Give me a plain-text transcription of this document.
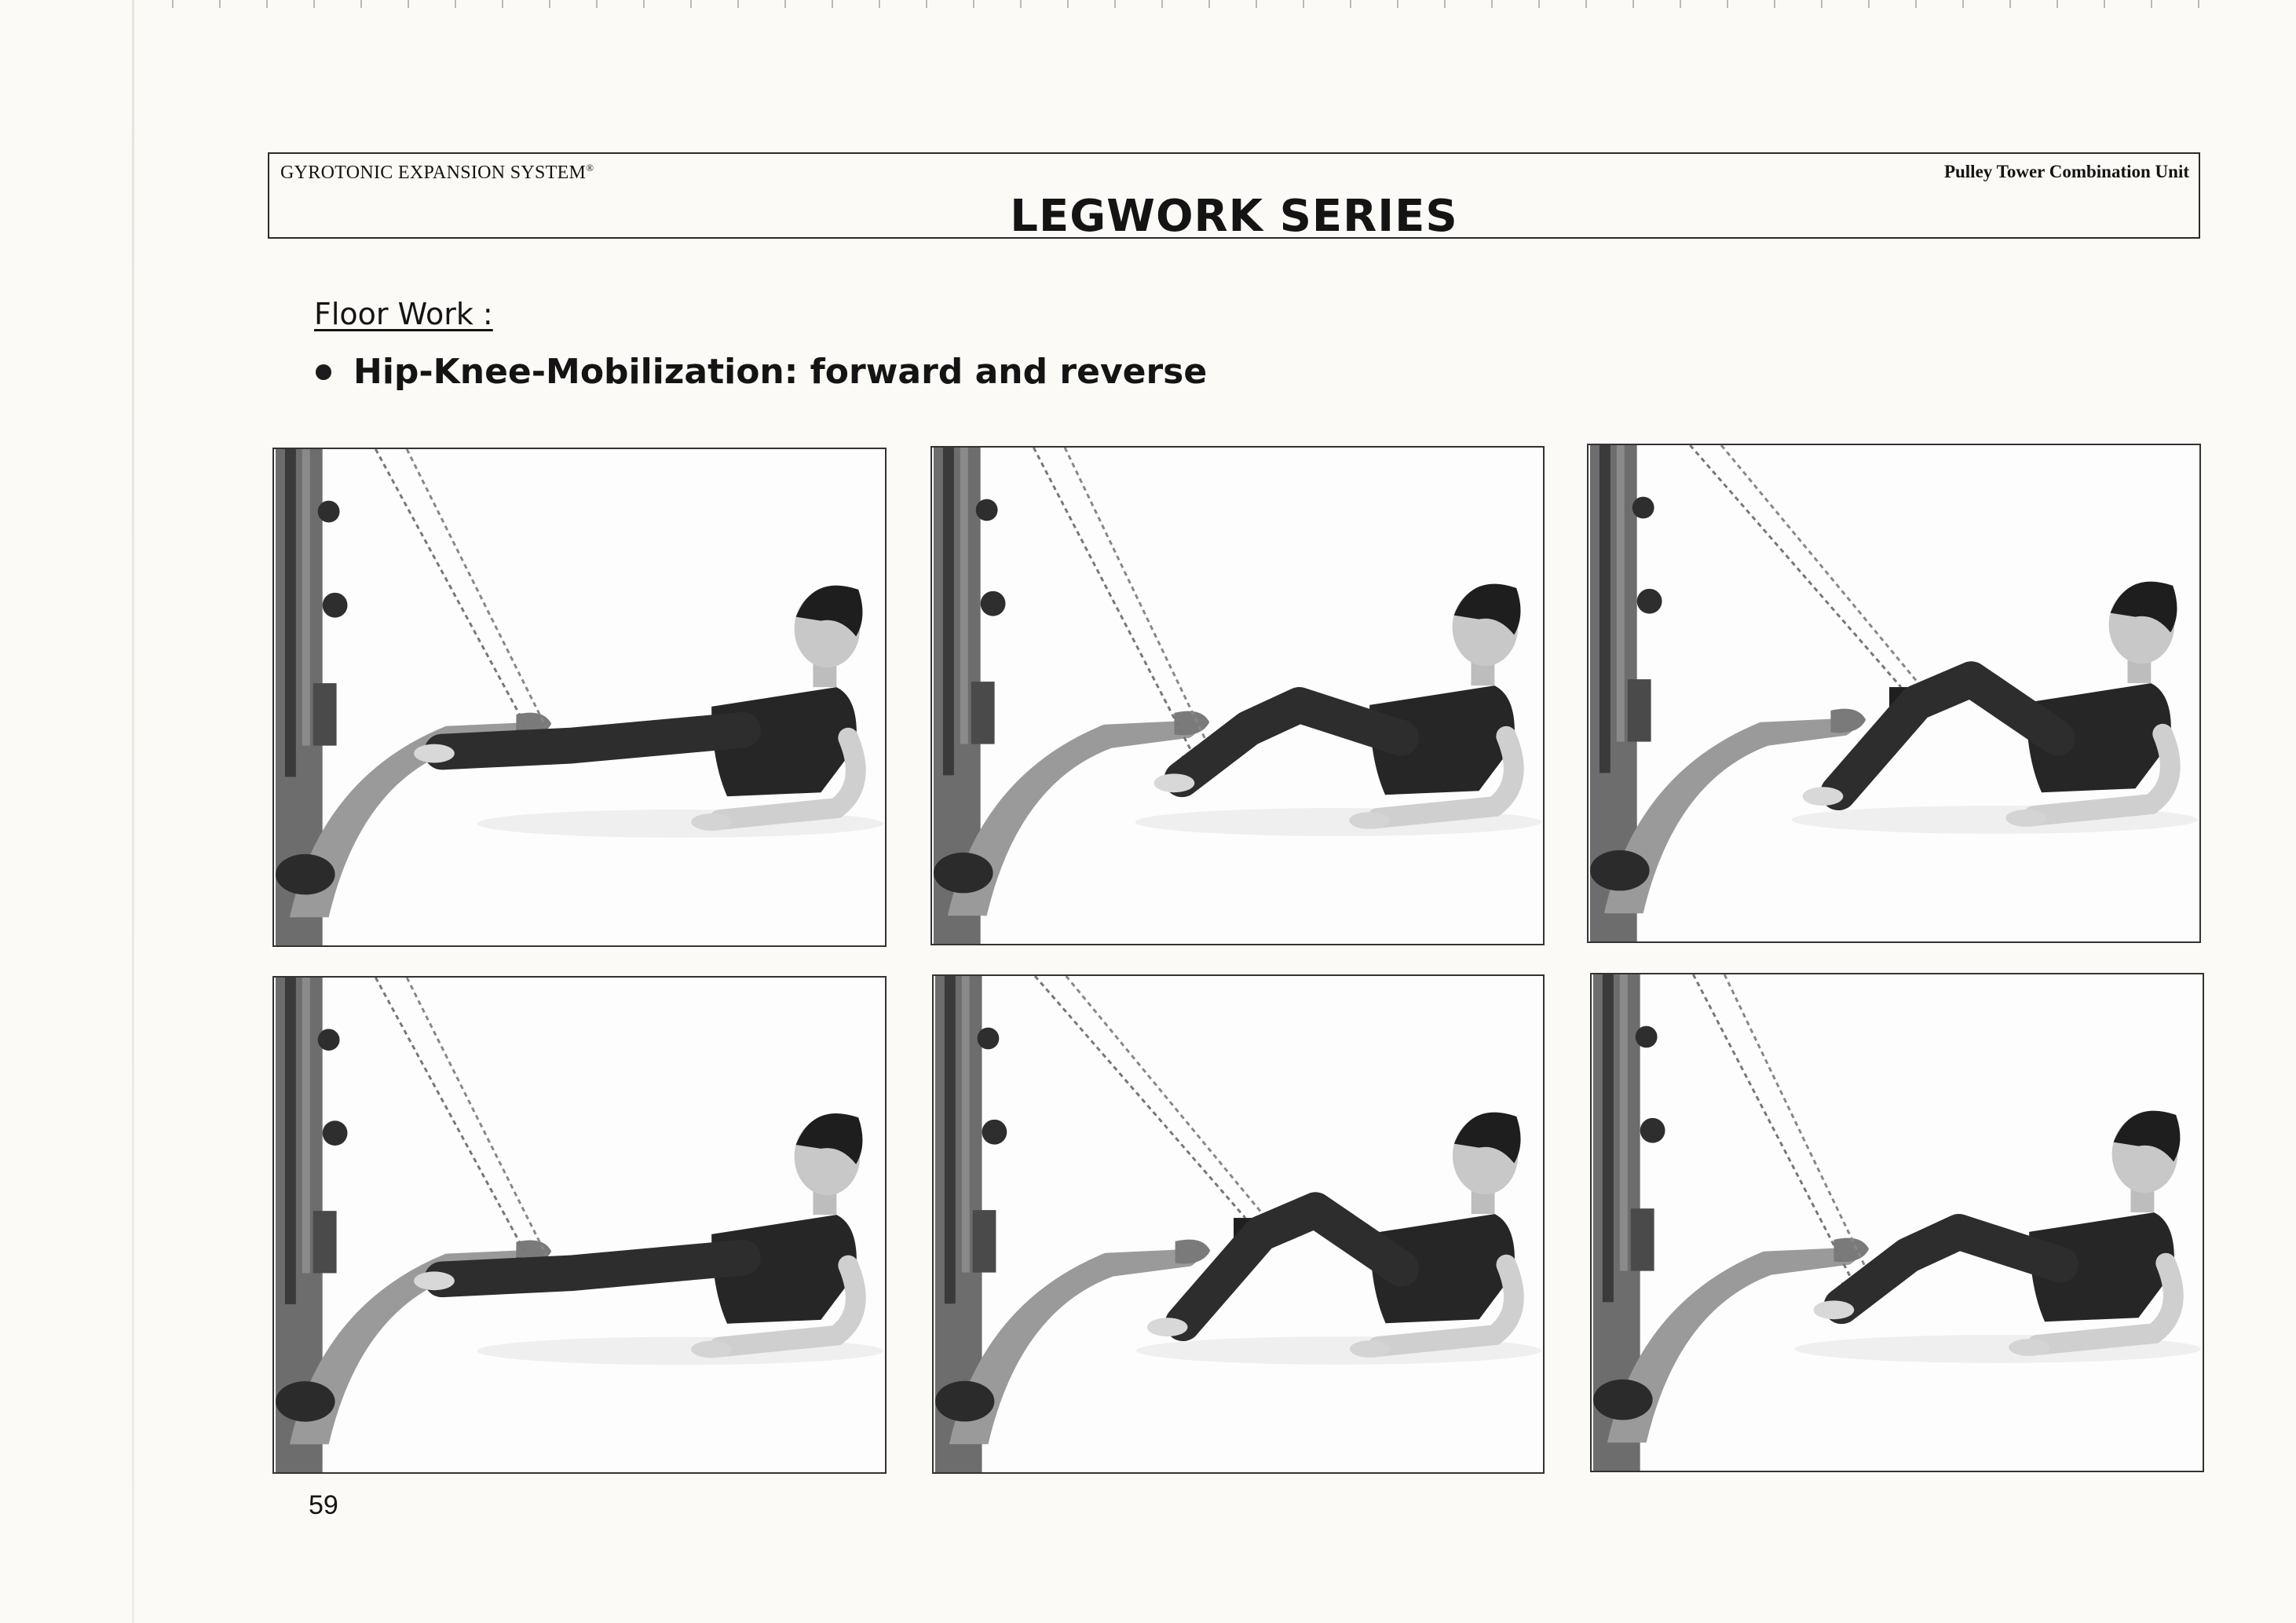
GYROTONIC EXPANSION SYSTEM®	Pulley Tower Combination Unit
LEGWORK SERIES
Floor Work :
Hip-Knee-Mobilization: forward and reverse
59
